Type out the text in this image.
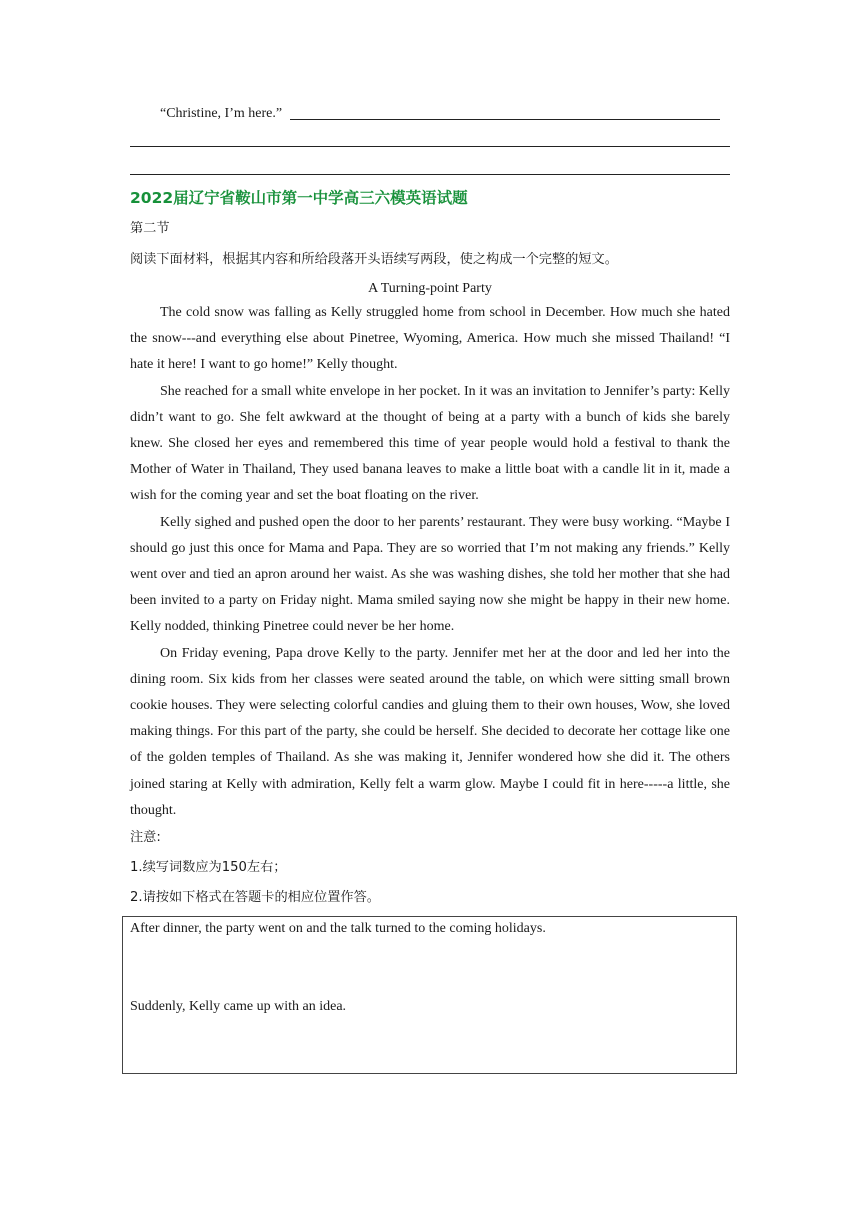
“Christine, I’m here.”
2022届辽宁省鞍山市第一中学高三六模英语试题
第二节
阅读下面材料，根据其内容和所给段落开头语续写两段，使之构成一个完整的短文。
A Turning-point Party

The cold snow was falling as Kelly struggled home from school in December. How much she hated the snow---and everything else about Pinetree, Wyoming, America. How much she missed Thailand! “I hate it here! I want to go home!” Kelly thought.

She reached for a small white envelope in her pocket. In it was an invitation to Jennifer’s party: Kelly didn’t want to go. She felt awkward at the thought of being at a party with a bunch of kids she barely knew. She closed her eyes and remembered this time of year people would hold a festival to thank the Mother of Water in Thailand, They used banana leaves to make a little boat with a candle lit in it, made a wish for the coming year and set the boat floating on the river.

Kelly sighed and pushed open the door to her parents’ restaurant. They were busy working. “Maybe I should go just this once for Mama and Papa. They are so worried that I’m not making any friends.” Kelly went over and tied an apron around her waist. As she was washing dishes, she told her mother that she had been invited to a party on Friday night. Mama smiled saying now she might be happy in their new home. Kelly nodded, thinking Pinetree could never be her home.

On Friday evening, Papa drove Kelly to the party. Jennifer met her at the door and led her into the dining room. Six kids from her classes were seated around the table, on which were sitting small brown cookie houses. They were selecting colorful candies and gluing them to their own houses, Wow, she loved making things. For this part of the party, she could be herself. She decided to decorate her cottage like one of the golden temples of Thailand. As she was making it, Jennifer wondered how she did it. The others joined staring at Kelly with admiration, Kelly felt a warm glow. Maybe I could fit in here-----a little, she thought.

注意:
1.续写词数应为150左右；
2.请按如下格式在答题卡的相应位置作答。
After dinner, the party went on and the talk turned to the coming holidays.
Suddenly, Kelly came up with an idea.
